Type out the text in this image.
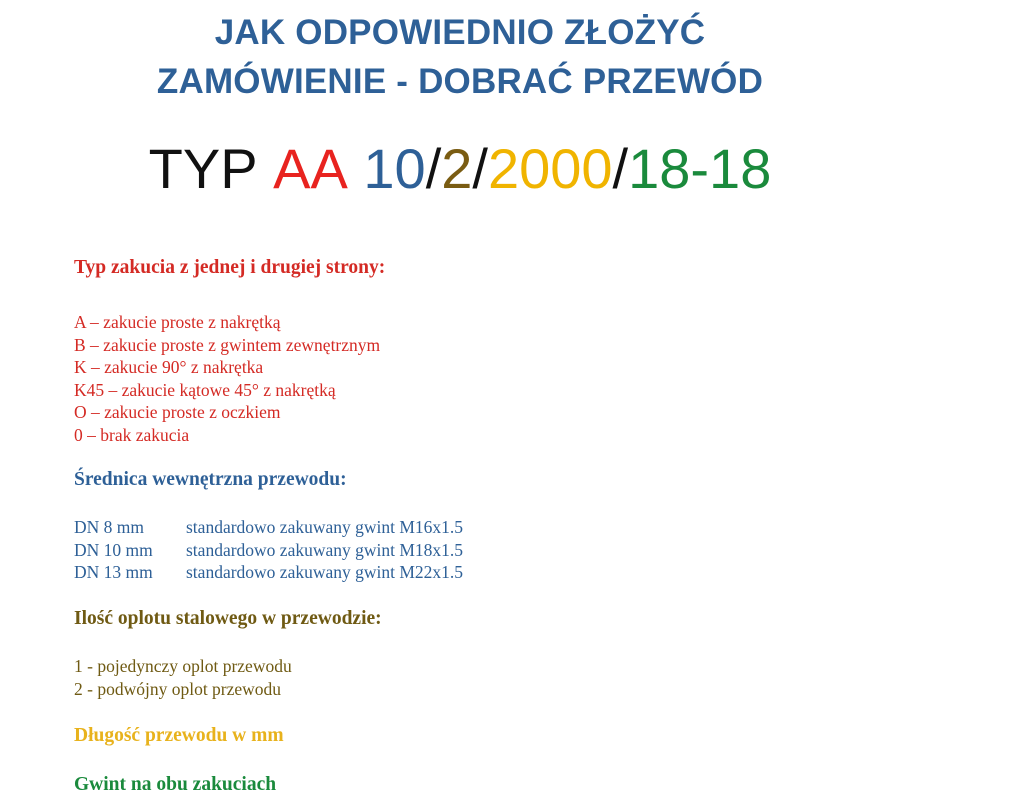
JAK ODPOWIEDNIO ZŁOŻYĆ
ZAMÓWIENIE - DOBRAĆ PRZEWÓD
TYP AA 10/2/2000/18-18
Typ zakucia z jednej i drugiej strony:
A – zakucie proste z nakrętką
B – zakucie proste z gwintem zewnętrznym
K – zakucie 90° z nakrętka
K45 – zakucie kątowe 45° z nakrętką
O – zakucie proste z oczkiem
0 – brak zakucia
Średnica wewnętrzna przewodu:
DN 8 mm standardowo zakuwany gwint M16x1.5
DN 10 mm standardowo zakuwany gwint M18x1.5
DN 13 mm standardowo zakuwany gwint M22x1.5
Ilość oplotu stalowego w przewodzie:
1 - pojedynczy oplot przewodu
2 - podwójny oplot przewodu
Długość przewodu w mm
Gwint na obu zakuciach
